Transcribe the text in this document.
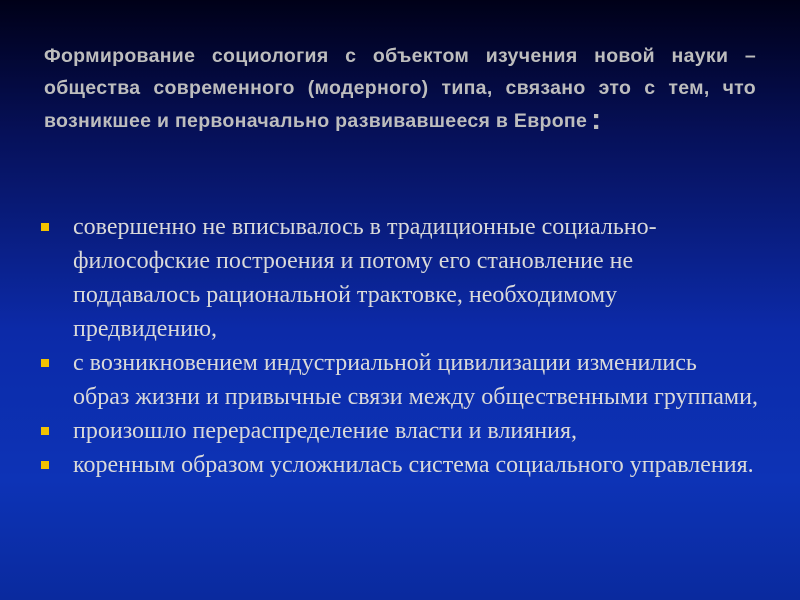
Формирование социология с объектом изучения новой науки – общества современного (модерного) типа, связано это с тем, что возникшее и первоначально развивавшееся в Европе :

совершенно не вписывалось в традиционные социально-философские построения и потому его становление не поддавалось рациональной трактовке, необходимому предвидению,
с возникновением индустриальной цивилизации изменились образ жизни и привычные связи между общественными группами,
произошло перераспределение власти и влияния,
коренным образом усложнилась система социального управления.
